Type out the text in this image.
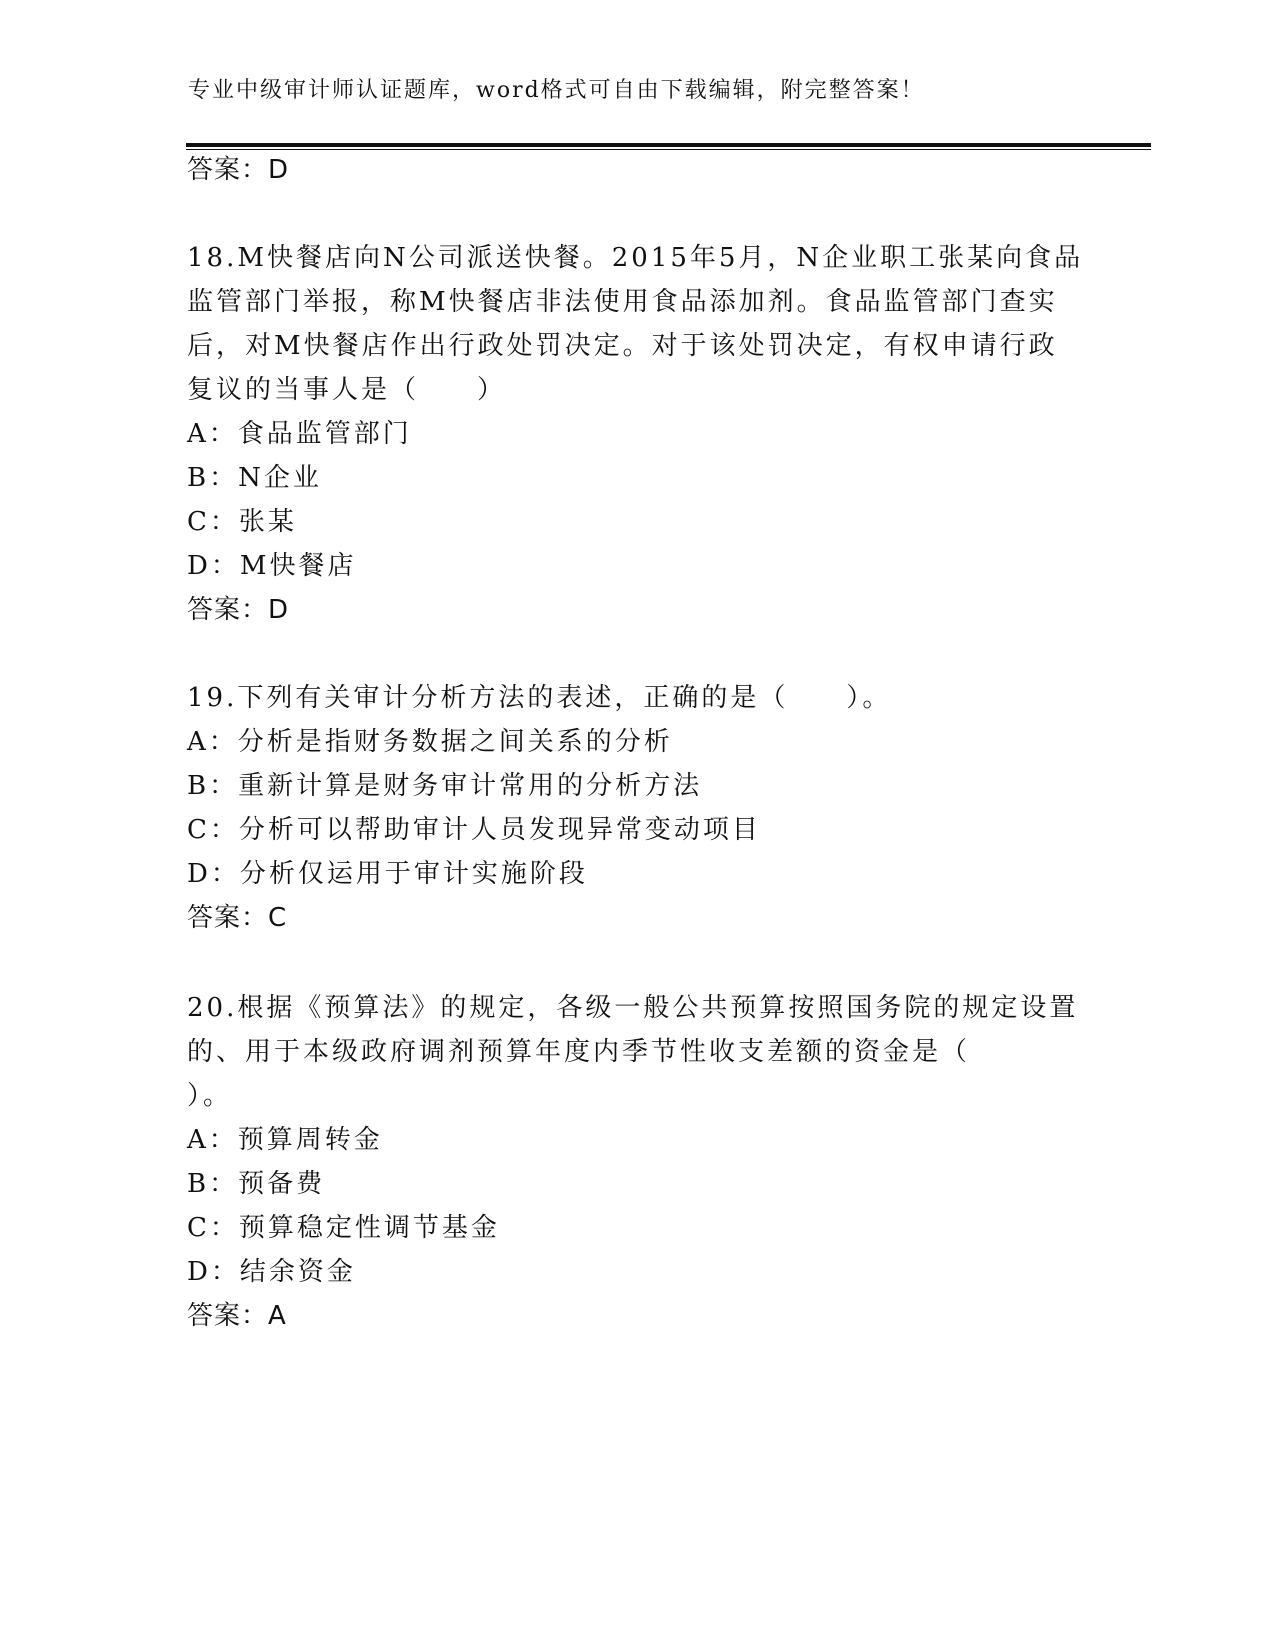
专业中级审计师认证题库，word格式可自由下载编辑，附完整答案！
答案：D
18.M快餐店向N公司派送快餐。2015年5月，N企业职工张某向食品
监管部门举报，称M快餐店非法使用食品添加剂。食品监管部门查实
后，对M快餐店作出行政处罚决定。对于该处罚决定，有权申请行政
复议的当事人是（　　）
A：食品监管部门
B：N企业
C：张某
D：M快餐店
答案：D
19.下列有关审计分析方法的表述，正确的是（　　）。
A：分析是指财务数据之间关系的分析
B：重新计算是财务审计常用的分析方法
C：分析可以帮助审计人员发现异常变动项目
D：分析仅运用于审计实施阶段
答案：C
20.根据《预算法》的规定，各级一般公共预算按照国务院的规定设置
的、用于本级政府调剂预算年度内季节性收支差额的资金是（
）。
A：预算周转金
B：预备费
C：预算稳定性调节基金
D：结余资金
答案：A
